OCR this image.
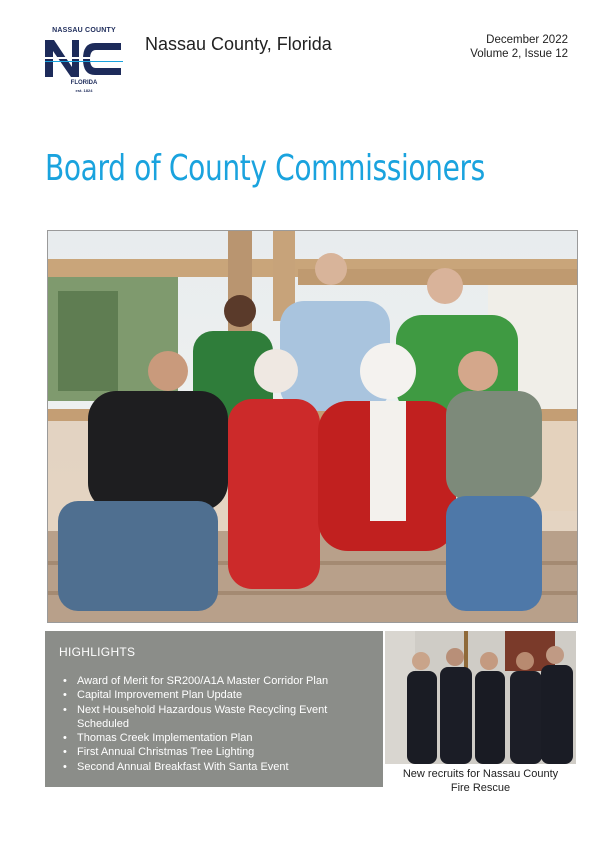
NASSAU COUNTY
FLORIDA
est. 1824
Nassau County, Florida	December 2022
Volume 2, Issue 12
Board of County Commissioners
HIGHLIGHTS
• Award of Merit for SR200/A1A Master Corridor Plan
• Capital Improvement Plan Update
• Next Household Hazardous Waste Recycling Event Scheduled
• Thomas Creek Implementation Plan
• First Annual Christmas Tree Lighting
• Second Annual Breakfast With Santa Event
New recruits for Nassau County
Fire Rescue
